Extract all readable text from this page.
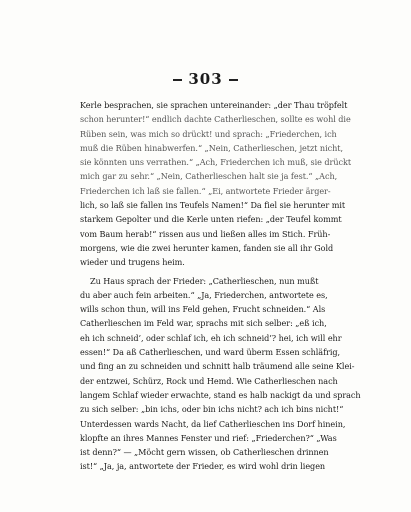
303
Kerle besprachen, sie sprachen untereinander: „der Thau tröpfelt
schon herunter!“ endlich dachte Catherlieschen, sollte es wohl die
Rüben sein, was mich so drückt! und sprach: „Friederchen, ich
muß die Rüben hinabwerfen.“ „Nein, Catherlieschen, jetzt nicht,
sie könnten uns verrathen.“ „Ach, Friederchen ich muß, sie drückt
mich gar zu sehr.“ „Nein, Catherlieschen halt sie ja fest.“ „Ach,
Friederchen ich laß sie fallen.“ „Ei, antwortete Frieder ärger-
lich, so laß sie fallen ins Teufels Namen!“ Da fiel sie herunter mit
starkem Gepolter und die Kerle unten riefen: „der Teufel kommt
vom Baum herab!“ rissen aus und ließen alles im Stich. Früh-
morgens, wie die zwei herunter kamen, fanden sie all ihr Gold
wieder und trugens heim.
Zu Haus sprach der Frieder: „Catherlieschen, nun mußt
du aber auch fein arbeiten.“ „Ja, Friederchen, antwortete es,
wills schon thun, will ins Feld gehen, Frucht schneiden.“ Als
Catherlieschen im Feld war, sprachs mit sich selber: „eß ich,
eh ich schneid’, oder schlaf ich, eh ich schneid’? hei, ich will ehr
essen!“ Da aß Catherlieschen, und ward überm Essen schläfrig,
und fing an zu schneiden und schnitt halb träumend alle seine Klei-
der entzwei, Schürz, Rock und Hemd. Wie Catherlieschen nach
langem Schlaf wieder erwachte, stand es halb nackigt da und sprach
zu sich selber: „bin ichs, oder bin ichs nicht? ach ich bins nicht!“
Unterdessen wards Nacht, da lief Catherlieschen ins Dorf hinein,
klopfte an ihres Mannes Fenster und rief: „Friederchen?“ „Was
ist denn?“ — „Möcht gern wissen, ob Catherlieschen drinnen
ist!“ „Ja, ja, antwortete der Frieder, es wird wohl drin liegen
